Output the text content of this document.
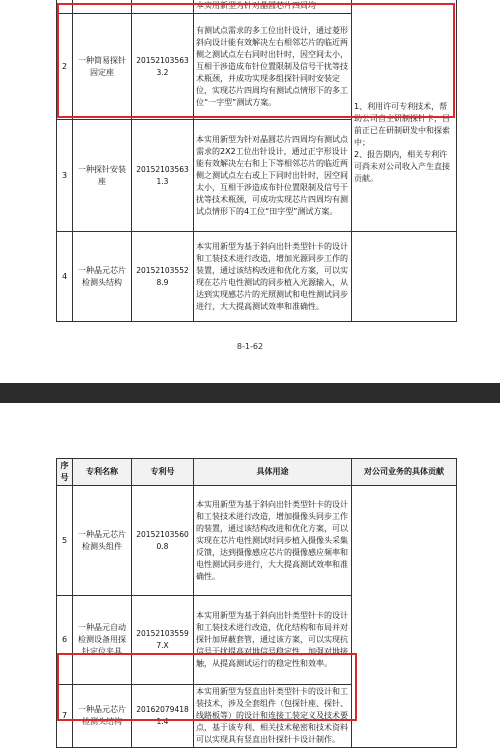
			本实用新型为针对晶圆芯片四周均	1、利用许可专利技术，帮助公司自主研制探针卡，目前正已在研制研发中和探索中；
2、报告期内，相关专利许可尚未对公司收入产生直接贡献。

2	一种简易探针固定座	201521035633.2	有测试点需求的多工位出针设计，通过菱形斜向设计能有效解决左右相邻芯片的临近两侧之测试点左右同时出针时，因空间太小，互相干涉造成布针位置限制及信号干扰等技术瓶颈，并成功实现多组探针同时安装定位，实现芯片四周均有测试点情形下的多工位“一字型”测试方案。	
3	一种探针安装座	201521035631.3	本实用新型为针对晶圆芯片四周均有测试点需求的2X2工位出针设计，通过正字形设计能有效解决左右和上下等相邻芯片的临近两侧之测试点左右或上下同时出针时，因空间太小，互相干涉造成布针位置限制及信号干扰等技术瓶颈，可成功实现芯片四周均有测试点情形下的4工位“田字型”测试方案。	
4	一种晶元芯片检测头结构	201521035528.9	本实用新型为基于斜向出针类型针卡的设计和工装技术进行改造，增加光源同步工作的装置，通过该结构改进和优化方案，可以实现在芯片电性测试的同步植入光源输入，从达到实现感芯片的光照测试和电性测试同步进行，大大提高测试效率和准确性。	
8-1-62
序号	专利名称	专利号	具体用途	对公司业务的具体贡献
5	一种晶元芯片检测头组件	201521035600.8	本实用新型为基于斜向出针类型针卡的设计和工装技术进行改造，增加摄像头同步工作的装置，通过该结构改进和优化方案，可以实现在芯片电性测试时同步植入摄像头采集反馈，达到摄像感应芯片的摄像感应频率和电性测试同步进行，大大提高测试效率和准确性。	
6	一种晶元自动检测设备用探针定位夹具	201521035597.X	本实用新型为基于斜向出针类型针卡的设计和工装技术进行改造，优化结构和布局并对探针加屏蔽套管，通过该方案，可以实现抗信号干扰提高对地信号稳定性，加强对地接触，从提高测试运行的稳定性和效率。	
7	一种晶元芯片检测头结构	201620794181.4	本实用新型为竖直出针类型针卡的设计和工装技术，涉及全套组件（包探针座、探针、线路板等）的设计和连接工装定义及技术要点，基于该专利、相关技术秘密和技术资料可以实现具有竖直出针探针卡设计制作。	
